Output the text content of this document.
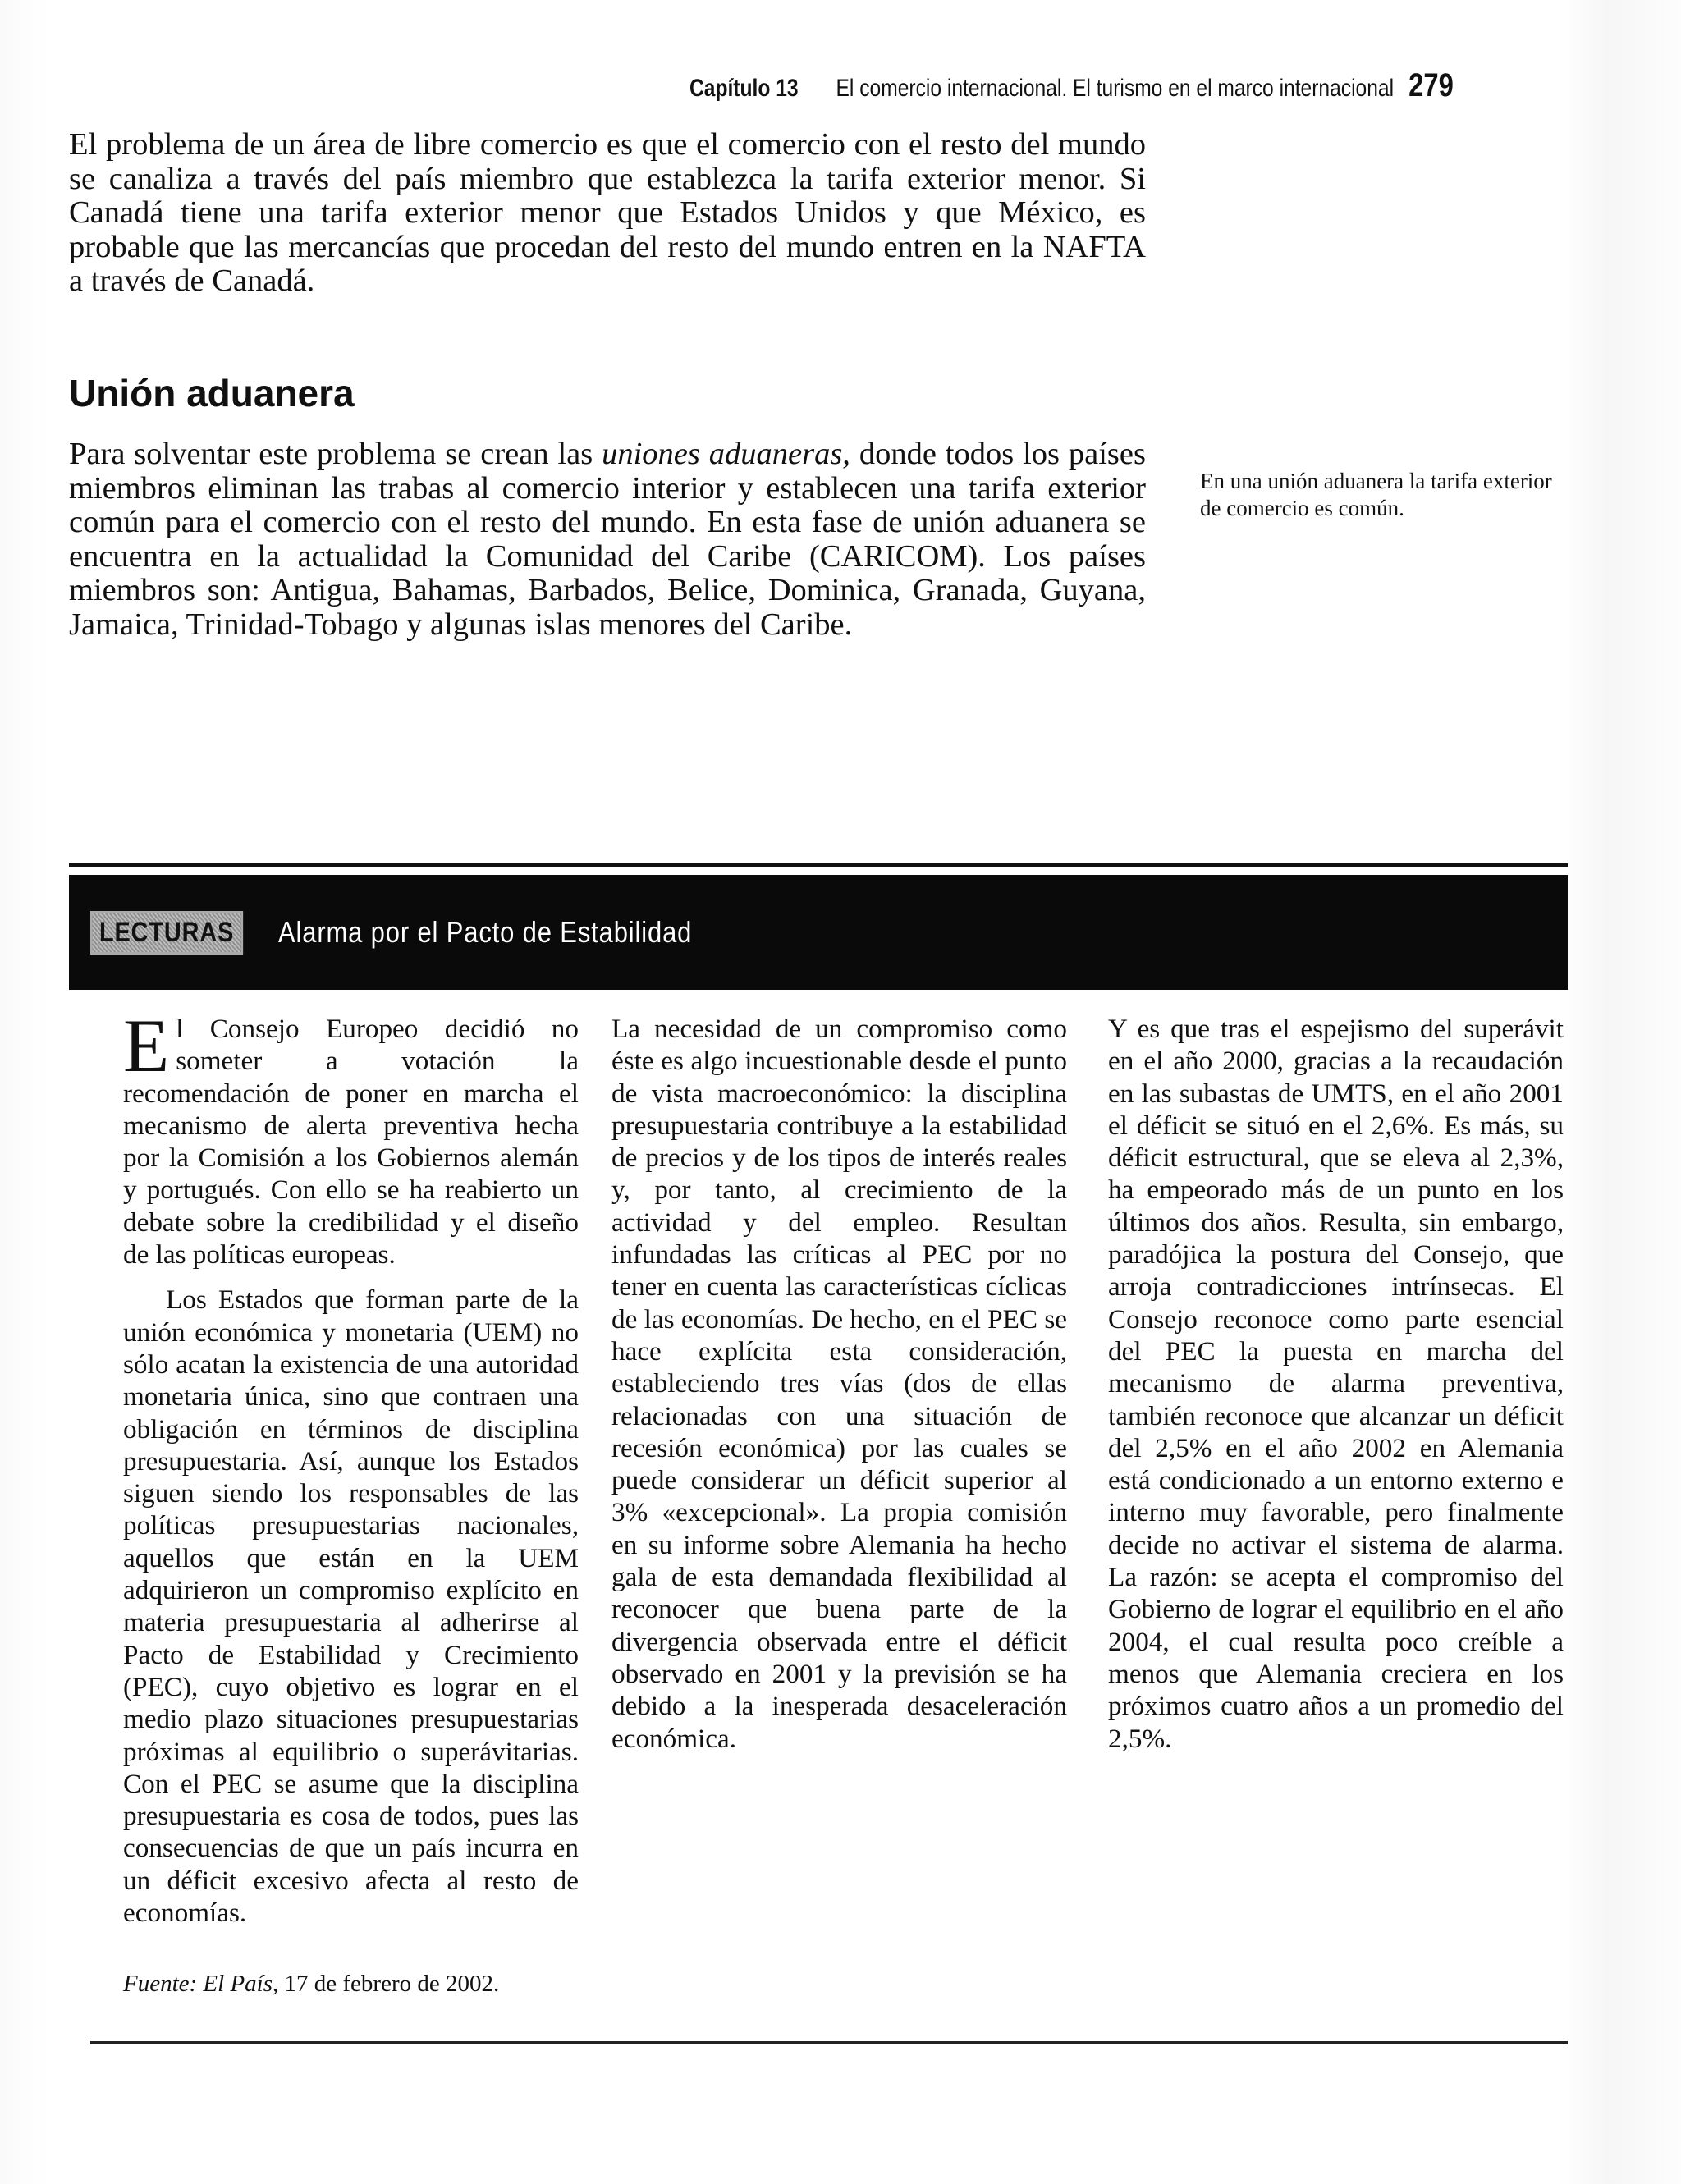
Capítulo 13 El comercio internacional. El turismo en el marco internacional 279
El problema de un área de libre comercio es que el comercio con el resto del mundo se canaliza a través del país miembro que establezca la tarifa exterior menor. Si Canadá tiene una tarifa exterior menor que Estados Unidos y que México, es probable que las mercancías que procedan del resto del mundo entren en la NAFTA a través de Canadá.
Unión aduanera
Para solventar este problema se crean las uniones aduaneras, donde todos los países miembros eliminan las trabas al comercio interior y establecen una tarifa exterior común para el comercio con el resto del mundo. En esta fase de unión aduanera se encuentra en la actualidad la Comunidad del Caribe (CARICOM). Los países miembros son: Antigua, Bahamas, Barbados, Belice, Dominica, Granada, Guyana, Jamaica, Trinidad-Tobago y algunas islas menores del Caribe.
En una unión aduanera la tarifa exterior de comercio es común.
LECTURAS	Alarma por el Pacto de Estabilidad

El Consejo Europeo decidió no someter a votación la recomendación de poner en marcha el mecanismo de alerta preventiva hecha por la Comisión a los Gobiernos alemán y portugués. Con ello se ha reabierto un debate sobre la credibilidad y el diseño de las políticas europeas.

Los Estados que forman parte de la unión económica y monetaria (UEM) no sólo acatan la existencia de una autoridad monetaria única, sino que contraen una obligación en términos de disciplina presupuestaria. Así, aunque los Estados siguen siendo los responsables de las políticas presupuestarias nacionales, aquellos que están en la UEM adquirieron un compromiso explícito en materia presupuestaria al adherirse al Pacto de Estabilidad y Crecimiento (PEC), cuyo objetivo es lograr en el medio plazo situaciones presupuestarias próximas al equilibrio o superávitarias. Con el PEC se asume que la disciplina presupuestaria es cosa de todos, pues las consecuencias de que un país incurra en un déficit excesivo afecta al resto de economías.

La necesidad de un compromiso como éste es algo incuestionable desde el punto de vista macroeconómico: la disciplina presupuestaria contribuye a la estabilidad de precios y de los tipos de interés reales y, por tanto, al crecimiento de la actividad y del empleo. Resultan infundadas las críticas al PEC por no tener en cuenta las características cíclicas de las economías. De hecho, en el PEC se hace explícita esta consideración, estableciendo tres vías (dos de ellas relacionadas con una situación de recesión económica) por las cuales se puede considerar un déficit superior al 3% «excepcional». La propia comisión en su informe sobre Alemania ha hecho gala de esta demandada flexibilidad al reconocer que buena parte de la divergencia observada entre el déficit observado en 2001 y la previsión se ha debido a la inesperada desaceleración económica.

Y es que tras el espejismo del superávit en el año 2000, gracias a la recaudación en las subastas de UMTS, en el año 2001 el déficit se situó en el 2,6%. Es más, su déficit estructural, que se eleva al 2,3%, ha empeorado más de un punto en los últimos dos años. Resulta, sin embargo, paradójica la postura del Consejo, que arroja contradicciones intrínsecas. El Consejo reconoce como parte esencial del PEC la puesta en marcha del mecanismo de alarma preventiva, también reconoce que alcanzar un déficit del 2,5% en el año 2002 en Alemania está condicionado a un entorno externo e interno muy favorable, pero finalmente decide no activar el sistema de alarma. La razón: se acepta el compromiso del Gobierno de lograr el equilibrio en el año 2004, el cual resulta poco creíble a menos que Alemania creciera en los próximos cuatro años a un promedio del 2,5%.

Fuente: El País, 17 de febrero de 2002.
